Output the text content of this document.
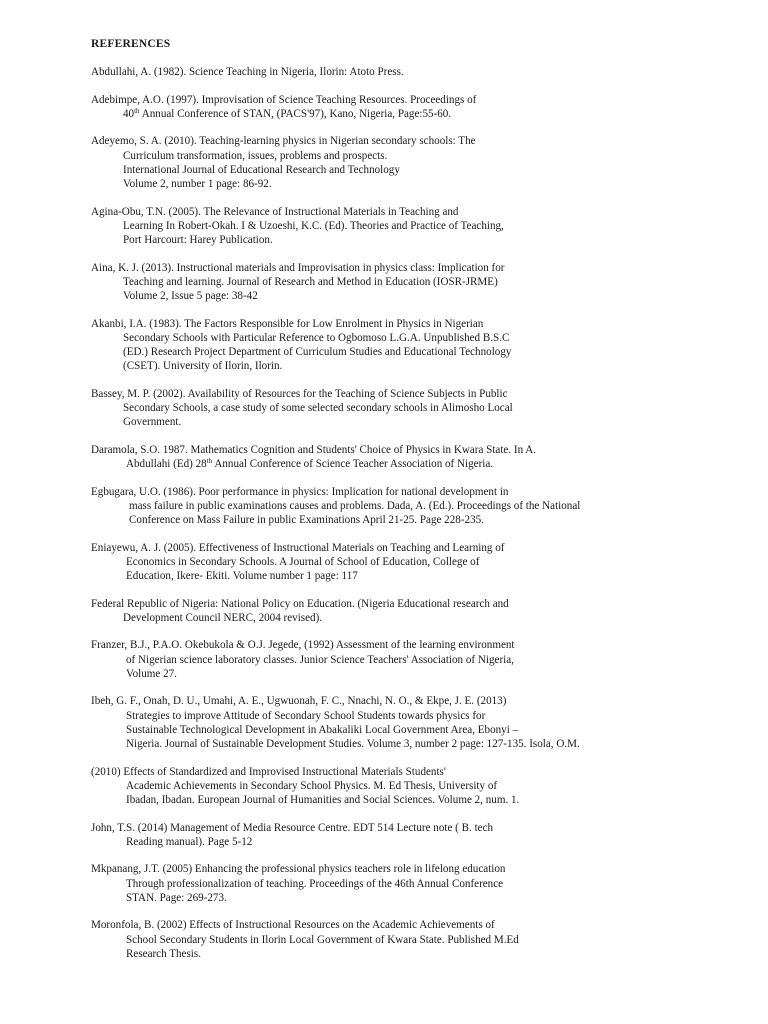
REFERENCES
Abdullahi, A. (1982). Science Teaching in Nigeria, Ilorin: Atoto Press.
Adebimpe, A.O. (1997). Improvisation of Science Teaching Resources. Proceedings of
40th Annual Conference of STAN, (PACS'97), Kano, Nigeria, Page:55-60.
Adeyemo, S. A. (2010). Teaching-learning physics in Nigerian secondary schools: The
Curriculum transformation, issues, problems and prospects.
International Journal of Educational Research and Technology
Volume 2, number 1 page: 86-92.
Agina-Obu, T.N. (2005). The Relevance of Instructional Materials in Teaching and
Learning In Robert-Okah. I & Uzoeshi, K.C. (Ed). Theories and Practice of Teaching,
Port Harcourt: Harey Publication.
Aina, K. J. (2013). Instructional materials and Improvisation in physics class: Implication for
Teaching and learning. Journal of Research and Method in Education (IOSR-JRME)
Volume 2, Issue 5 page: 38-42
Akanbi, I.A. (1983). The Factors Responsible for Low Enrolment in Physics in Nigerian
Secondary Schools with Particular Reference to Ogbomoso L.G.A. Unpublished B.S.C
(ED.) Research Project Department of Curriculum Studies and Educational Technology
(CSET). University of Ilorin, Ilorin.
Bassey, M. P. (2002). Availability of Resources for the Teaching of Science Subjects in Public
Secondary Schools, a case study of some selected secondary schools in Alimosho Local
Government.
Daramola, S.O. 1987. Mathematics Cognition and Students' Choice of Physics in Kwara State. In A.
Abdullahi (Ed) 28th Annual Conference of Science Teacher Association of Nigeria.
Egbugara, U.O. (1986). Poor performance in physics: Implication for national development in
mass failure in public examinations causes and problems. Dada, A. (Ed.). Proceedings of the National
Conference on Mass Failure in public Examinations April 21-25. Page 228-235.
Eniayewu, A. J. (2005). Effectiveness of Instructional Materials on Teaching and Learning of
Economics in Secondary Schools. A Journal of School of Education, College of
Education, Ikere- Ekiti. Volume number 1 page: 117
Federal Republic of Nigeria: National Policy on Education. (Nigeria Educational research and
Development Council NERC, 2004 revised).
Franzer, B.J., P.A.O. Okebukola & O.J. Jegede, (1992) Assessment of the learning environment
of Nigerian science laboratory classes. Junior Science Teachers' Association of Nigeria,
Volume 27.
Ibeh, G. F., Onah, D. U., Umahi, A. E., Ugwuonah, F. C., Nnachi, N. O., & Ekpe, J. E. (2013)
Strategies to improve Attitude of Secondary School Students towards physics for
Sustainable Technological Development in Abakaliki Local Government Area, Ebonyi –
Nigeria. Journal of Sustainable Development Studies. Volume 3, number 2 page: 127-135. Isola, O.M.
(2010) Effects of Standardized and Improvised Instructional Materials Students'
Academic Achievements in Secondary School Physics. M. Ed Thesis, University of
Ibadan, Ibadan. European Journal of Humanities and Social Sciences. Volume 2, num. 1.
John, T.S. (2014) Management of Media Resource Centre. EDT 514 Lecture note ( B. tech
Reading manual). Page 5-12
Mkpanang, J.T. (2005) Enhancing the professional physics teachers role in lifelong education
Through professionalization of teaching. Proceedings of the 46th Annual Conference
STAN. Page: 269-273.
Moronfola, B. (2002) Effects of Instructional Resources on the Academic Achievements of
School Secondary Students in Ilorin Local Government of Kwara State. Published M.Ed
Research Thesis.
